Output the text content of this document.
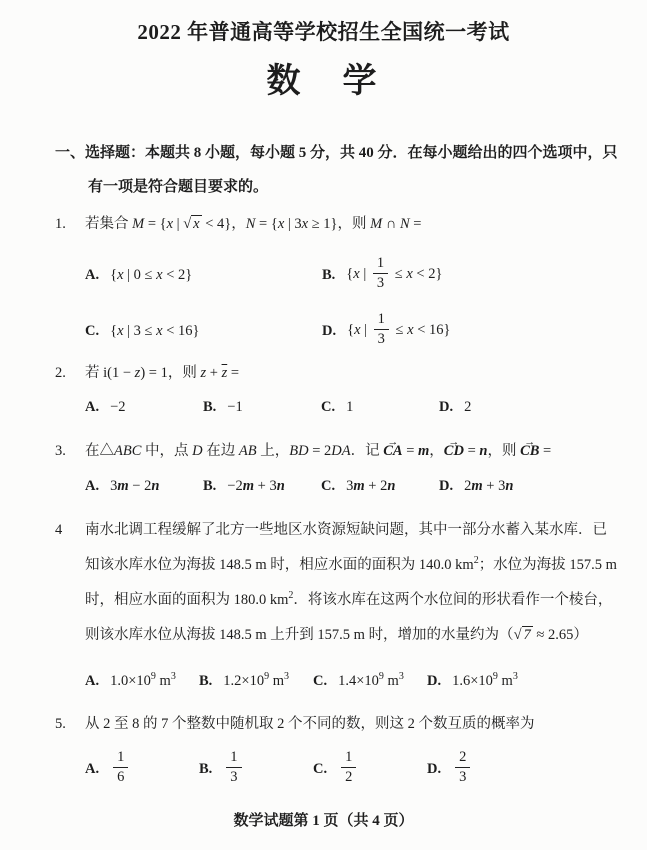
2022 年普通高等学校招生全国统一考试
数　学
一、选择题：本题共 8 小题，每小题 5 分，共 40 分．在每小题给出的四个选项中，只
有一项是符合题目要求的。
1.	若集合 M = {x | √ x < 4}，N = {x | 3x ≥ 1}，则 M ∩ N =
A. {x | 0 ≤ x < 2}	B. {x | $\frac{1}{3} \le x < 2$}
C. {x | 3 ≤ x < 16}	D. {x | $\frac{1}{3} \le x < 16$}
2.	若 i(1 − z) = 1，则 $z + \overline{z}$ =
A. −2	B. −1	C. 1	D. 2
3.	在△ABC 中，点 D 在边 AB 上，BD = 2DA．记 CA → = m，CD → = n，则 CB → =
A. 3m − 2n	B. −2m + 3n C. 3m + 2n	D. 2m + 3n
4	南水北调工程缓解了北方一些地区水资源短缺问题，其中一部分水蓄入某水库．已
知该水库水位为海拔 148.5 m 时，相应水面的面积为 140.0 $km^2$；水位为海拔 157.5 m
时，相应水面的面积为 180.0 $km^2$．将该水库在这两个水位间的形状看作一个棱台，
则该水库水位从海拔 148.5 m 上升到 157.5 m 时，增加的水量约为（√ 7 ≈ 2.65）
A. $1.0\times 10^9$ $m^3$ B. $1.2\times 10^9$ $m^3$ C. $1.4\times 10^9$ $m^3$ D. $1.6\times 10^9$ $m^3$
5.	从 2 至 8 的 7 个整数中随机取 2 个不同的数，则这 2 个数互质的概率为
A. $\frac{1}{6}$	B. $\frac{1}{3}$	C. $\frac{1}{2}$	D. $\frac{2}{3}$
数学试题第 1 页（共 4 页）
